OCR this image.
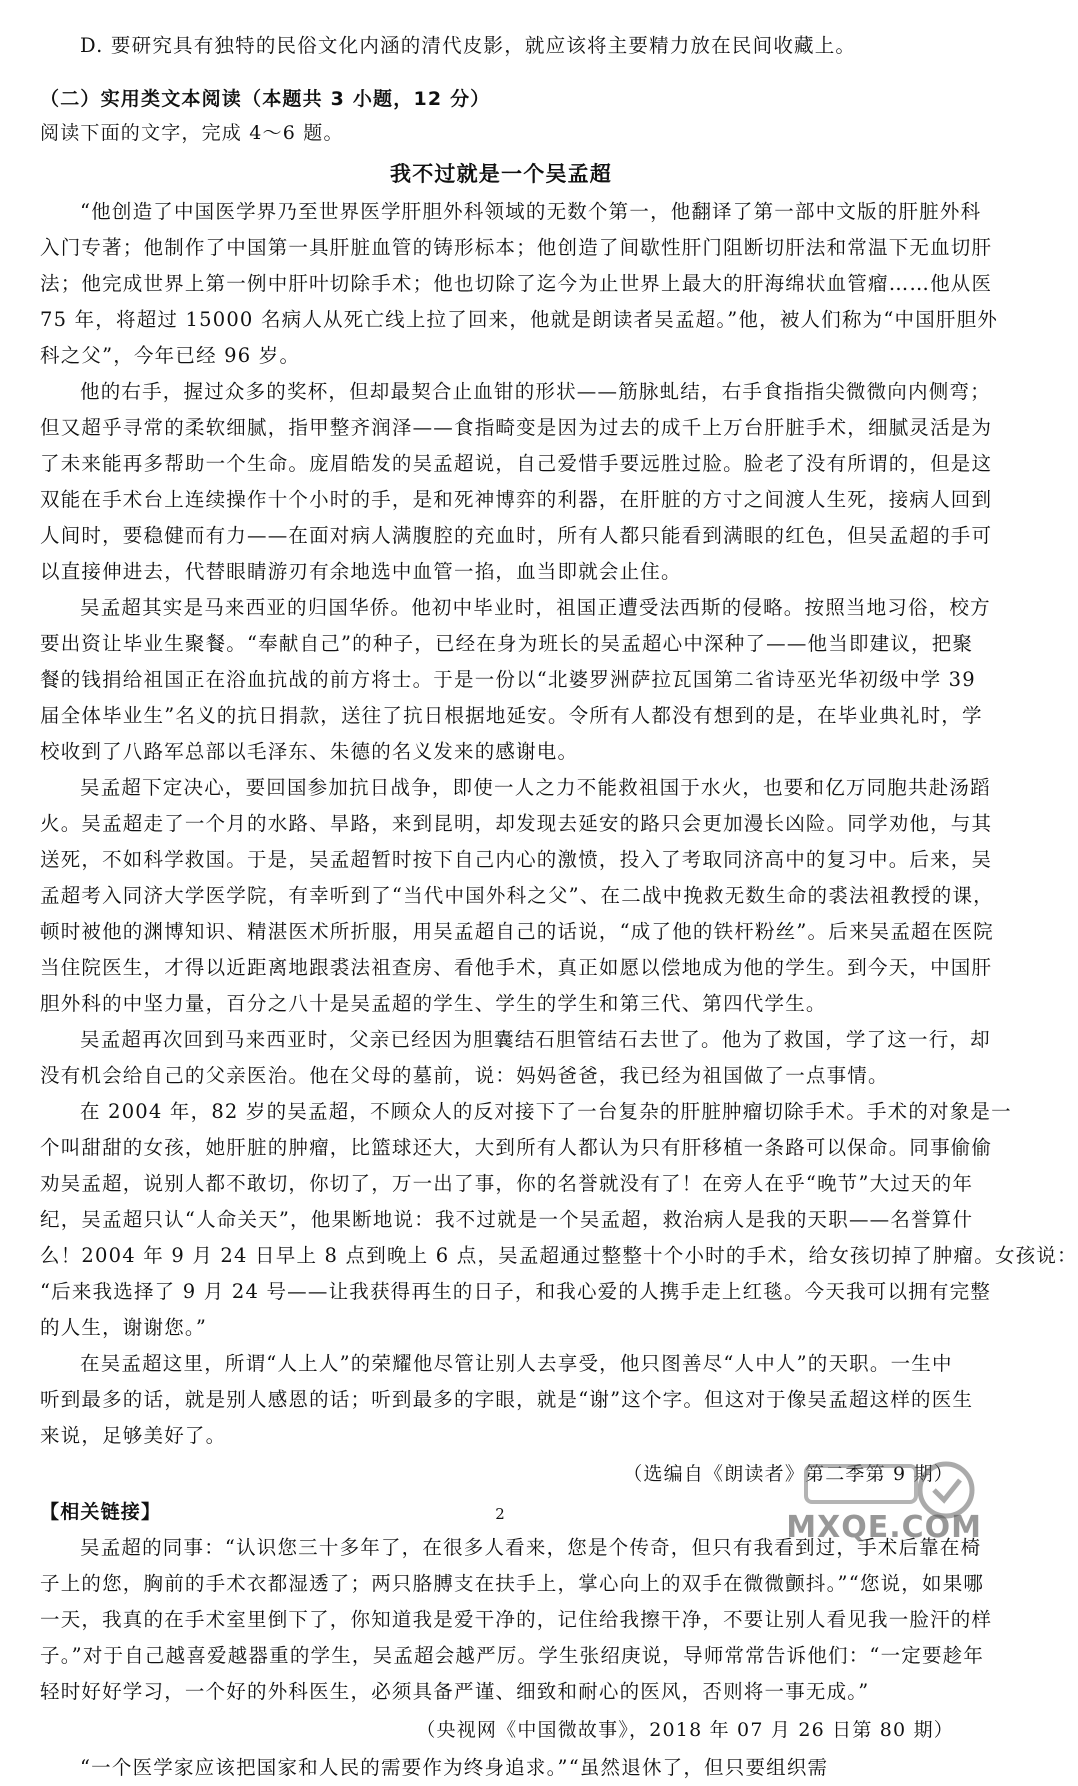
D. 要研究具有独特的民俗文化内涵的清代皮影，就应该将主要精力放在民间收藏上。

（二）实用类文本阅读（本题共 3 小题，12 分）

阅读下面的文字，完成 4～6 题。

我不过就是一个吴孟超

“他创造了中国医学界乃至世界医学肝胆外科领域的无数个第一，他翻译了第一部中文版的肝脏外科

入门专著；他制作了中国第一具肝脏血管的铸形标本；他创造了间歇性肝门阻断切肝法和常温下无血切肝

法；他完成世界上第一例中肝叶切除手术；他也切除了迄今为止世界上最大的肝海绵状血管瘤……他从医

75 年，将超过 15000 名病人从死亡线上拉了回来，他就是朗读者吴孟超。”他，被人们称为“中国肝胆外

科之父”，今年已经 96 岁。

他的右手，握过众多的奖杯，但却最契合止血钳的形状——筋脉虬结，右手食指指尖微微向内侧弯；

但又超乎寻常的柔软细腻，指甲整齐润泽——食指畸变是因为过去的成千上万台肝脏手术，细腻灵活是为

了未来能再多帮助一个生命。庞眉皓发的吴孟超说，自己爱惜手要远胜过脸。脸老了没有所谓的，但是这

双能在手术台上连续操作十个小时的手，是和死神博弈的利器，在肝脏的方寸之间渡人生死，接病人回到

人间时，要稳健而有力——在面对病人满腹腔的充血时，所有人都只能看到满眼的红色，但吴孟超的手可

以直接伸进去，代替眼睛游刃有余地选中血管一掐，血当即就会止住。

吴孟超其实是马来西亚的归国华侨。他初中毕业时，祖国正遭受法西斯的侵略。按照当地习俗，校方

要出资让毕业生聚餐。“奉献自己”的种子，已经在身为班长的吴孟超心中深种了——他当即建议，把聚

餐的钱捐给祖国正在浴血抗战的前方将士。于是一份以“北婆罗洲萨拉瓦国第二省诗巫光华初级中学 39

届全体毕业生”名义的抗日捐款，送往了抗日根据地延安。令所有人都没有想到的是，在毕业典礼时，学

校收到了八路军总部以毛泽东、朱德的名义发来的感谢电。

吴孟超下定决心，要回国参加抗日战争，即使一人之力不能救祖国于水火，也要和亿万同胞共赴汤蹈

火。吴孟超走了一个月的水路、旱路，来到昆明，却发现去延安的路只会更加漫长凶险。同学劝他，与其

送死，不如科学救国。于是，吴孟超暂时按下自己内心的激愤，投入了考取同济高中的复习中。后来，吴

孟超考入同济大学医学院，有幸听到了“当代中国外科之父”、在二战中挽救无数生命的裘法祖教授的课，

顿时被他的渊博知识、精湛医术所折服，用吴孟超自己的话说，“成了他的铁杆粉丝”。后来吴孟超在医院

当住院医生，才得以近距离地跟裘法祖查房、看他手术，真正如愿以偿地成为他的学生。到今天，中国肝

胆外科的中坚力量，百分之八十是吴孟超的学生、学生的学生和第三代、第四代学生。

吴孟超再次回到马来西亚时，父亲已经因为胆囊结石胆管结石去世了。他为了救国，学了这一行，却

没有机会给自己的父亲医治。他在父母的墓前，说：妈妈爸爸，我已经为祖国做了一点事情。

在 2004 年，82 岁的吴孟超，不顾众人的反对接下了一台复杂的肝脏肿瘤切除手术。手术的对象是一

个叫甜甜的女孩，她肝脏的肿瘤，比篮球还大，大到所有人都认为只有肝移植一条路可以保命。同事偷偷

劝吴孟超，说别人都不敢切，你切了，万一出了事，你的名誉就没有了！在旁人在乎“晚节”大过天的年

纪，吴孟超只认“人命关天”，他果断地说：我不过就是一个吴孟超，救治病人是我的天职——名誉算什

么！2004 年 9 月 24 日早上 8 点到晚上 6 点，吴孟超通过整整十个小时的手术，给女孩切掉了肿瘤。女孩说：

“后来我选择了 9 月 24 号——让我获得再生的日子，和我心爱的人携手走上红毯。今天我可以拥有完整

的人生，谢谢您。”

在吴孟超这里，所谓“人上人”的荣耀他尽管让别人去享受，他只图善尽“人中人”的天职。一生中

听到最多的话，就是别人感恩的话；听到最多的字眼，就是“谢”这个字。但这对于像吴孟超这样的医生

来说，足够美好了。

（选编自《朗读者》第二季第 9 期）

【相关链接】

吴孟超的同事：“认识您三十多年了，在很多人看来，您是个传奇，但只有我看到过，手术后靠在椅

子上的您，胸前的手术衣都湿透了；两只胳膊支在扶手上，掌心向上的双手在微微颤抖。”“您说，如果哪

一天，我真的在手术室里倒下了，你知道我是爱干净的，记住给我擦干净，不要让别人看见我一脸汗的样

子。”对于自己越喜爱越器重的学生，吴孟超会越严厉。学生张绍庚说，导师常常告诉他们：“一定要趁年

轻时好好学习，一个好的外科医生，必须具备严谨、细致和耐心的医风，否则将一事无成。”

（央视网《中国微故事》，2018 年 07 月 26 日第 80 期）

“一个医学家应该把国家和人民的需要作为终身追求。”“虽然退休了，但只要组织需

2	MXQE.COM
